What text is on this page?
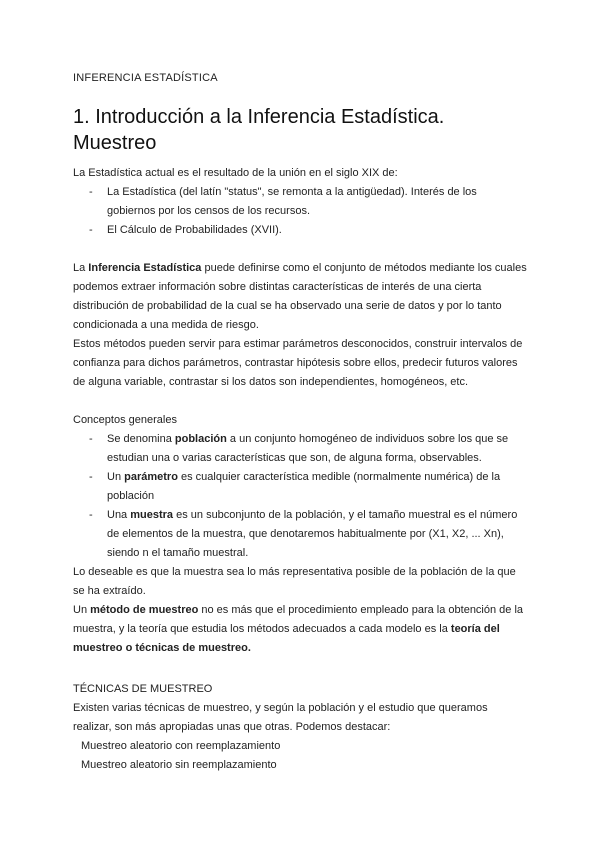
INFERENCIA ESTADÍSTICA
1. Introducción a la Inferencia Estadística. Muestreo

La Estadística actual es el resultado de la unión en el siglo XIX de:

- La Estadística (del latín "status", se remonta a la antigüedad). Interés de los gobiernos por los censos de los recursos.
- El Cálculo de Probabilidades (XVII).

La Inferencia Estadística puede definirse como el conjunto de métodos mediante los cuales podemos extraer información sobre distintas características de interés de una cierta distribución de probabilidad de la cual se ha observado una serie de datos y por lo tanto condicionada a una medida de riesgo.

Estos métodos pueden servir para estimar parámetros desconocidos, construir intervalos de confianza para dichos parámetros, contrastar hipótesis sobre ellos, predecir futuros valores de alguna variable, contrastar si los datos son independientes, homogéneos, etc.

Conceptos generales

- Se denomina población a un conjunto homogéneo de individuos sobre los que se estudian una o varias características que son, de alguna forma, observables.
- Un parámetro es cualquier característica medible (normalmente numérica) de la población
- Una muestra es un subconjunto de la población, y el tamaño muestral es el número de elementos de la muestra, que denotaremos habitualmente por (X1, X2, ... Xn), siendo n el tamaño muestral.

Lo deseable es que la muestra sea lo más representativa posible de la población de la que se ha extraído.

Un método de muestreo no es más que el procedimiento empleado para la obtención de la muestra, y la teoría que estudia los métodos adecuados a cada modelo es la teoría del muestreo o técnicas de muestreo.

TÉCNICAS DE MUESTREO

Existen varias técnicas de muestreo, y según la población y el estudio que queramos realizar, son más apropiadas unas que otras. Podemos destacar:

Muestreo aleatorio con reemplazamiento
Muestreo aleatorio sin reemplazamiento
